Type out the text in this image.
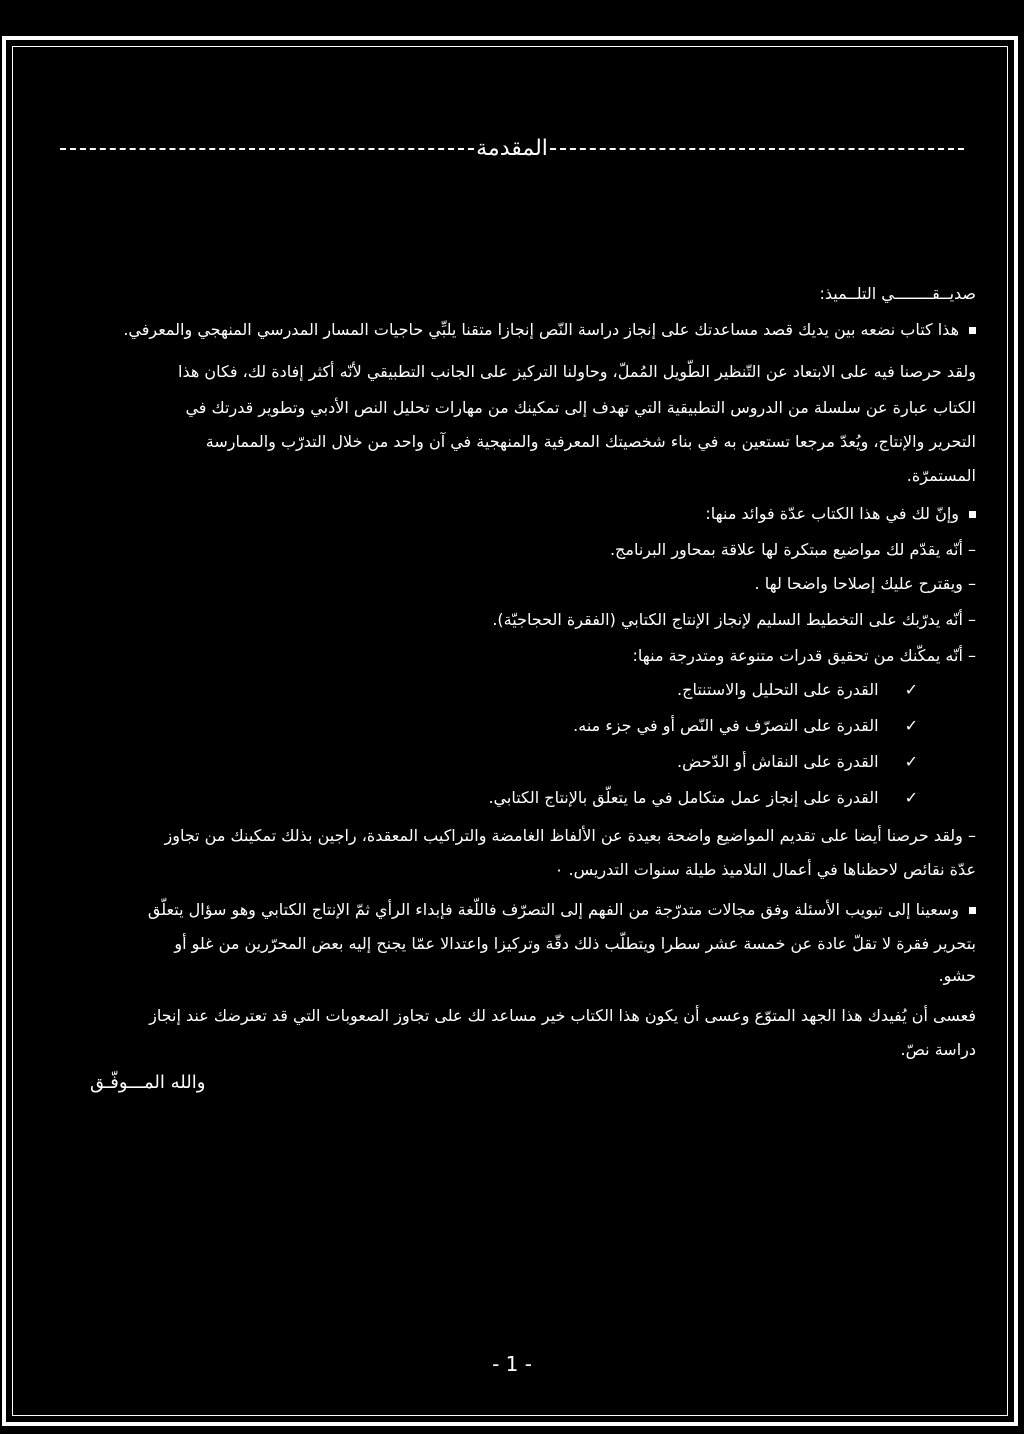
المقدمة
صديــقــــــــي التلــميذ:
هذا كتاب نضعه بين يديك قصد مساعدتك على إنجاز دراسة النّص إنجازا متقنا يلبِّي حاجيات المسار المدرسي المنهجي والمعرفي.
ولقد حرصنا فيه على الابتعاد عن التّنظير الطّويل المُملّ، وحاولنا التركيز على الجانب التطبيقي لأنّه أكثر إفادة لك، فكان هذا
الكتاب عبارة عن سلسلة من الدروس التطبيقية التي تهدف إلى تمكينك من مهارات تحليل النص الأدبي وتطوير قدرتك في
التحرير والإنتاج، ويُعدّ مرجعا تستعين به في بناء شخصيتك المعرفية والمنهجية في آن واحد من خلال التدرّب والممارسة
المستمرّة.
وإنّ لك في هذا الكتاب عدّة فوائد منها:
– أنّه يقدّم لك مواضيع مبتكرة لها علاقة بمحاور البرنامج.
– ويقترح عليك إصلاحا واضحا لها .
– أنّه يدرّبك على التخطيط السليم لإنجاز الإنتاج الكتابي (الفقرة الحجاجيّة).
– أنّه يمكّنك من تحقيق قدرات متنوعة ومتدرجة منها:
✓ القدرة على التحليل والاستنتاج.
✓ القدرة على التصرّف في النّص أو في جزء منه.
✓ القدرة على النقاش أو الدّحض.
✓ القدرة على إنجاز عمل متكامل في ما يتعلّق بالإنتاج الكتابي.
– ولقد حرصنا أيضا على تقديم المواضيع واضحة بعيدة عن الألفاظ الغامضة والتراكيب المعقدة، راجين بذلك تمكينك من تجاوز
عدّة نقائص لاحظناها في أعمال التلاميذ طيلة سنوات التدريس. ٠
وسعينا إلى تبويب الأسئلة وفق مجالات متدرّجة من الفهم إلى التصرّف فاللّغة فإبداء الرأي ثمّ الإنتاج الكتابي وهو سؤال يتعلّق
بتحرير فقرة لا تقلّ عادة عن خمسة عشر سطرا ويتطلّب ذلك دقّة وتركيزا واعتدالا عمّا يجنح إليه بعض المحرّرين من غلو أو
حشو.
فعسى أن يُفيدك هذا الجهد المتوّع وعسى أن يكون هذا الكتاب خير مساعد لك على تجاوز الصعوبات التي قد تعترضك عند إنجاز
دراسة نصّ.
والله المـــوفّـق
- 1 -
